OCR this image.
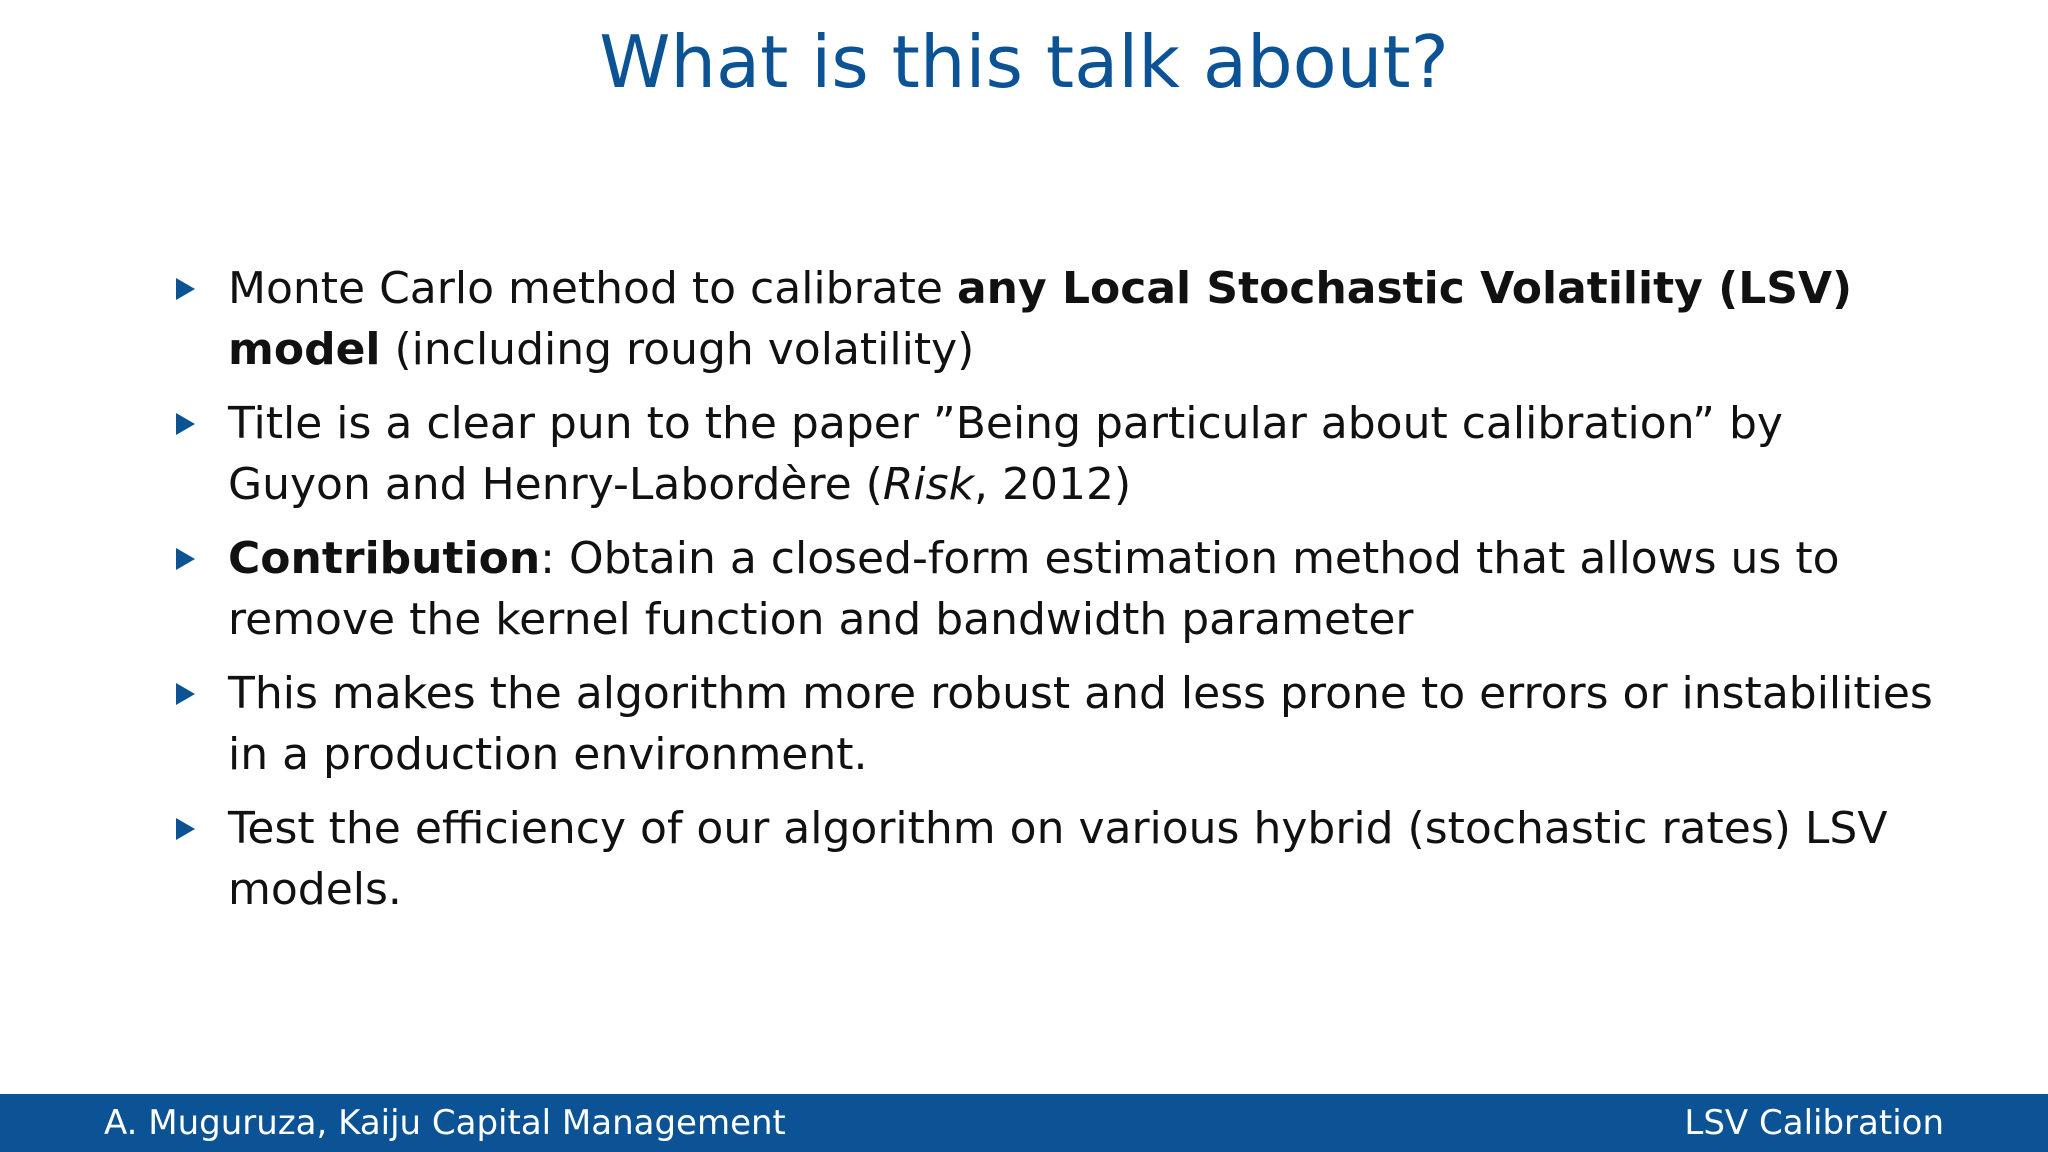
What is this talk about?
Monte Carlo method to calibrate any Local Stochastic Volatility (LSV) model (including rough volatility)
Title is a clear pun to the paper ”Being particular about calibration” by Guyon and Henry-Labordère (Risk, 2012)
Contribution: Obtain a closed-form estimation method that allows us to remove the kernel function and bandwidth parameter
This makes the algorithm more robust and less prone to errors or instabilities in a production environment.
Test the efficiency of our algorithm on various hybrid (stochastic rates) LSV models.
A. Muguruza, Kaiju Capital Management	LSV Calibration
